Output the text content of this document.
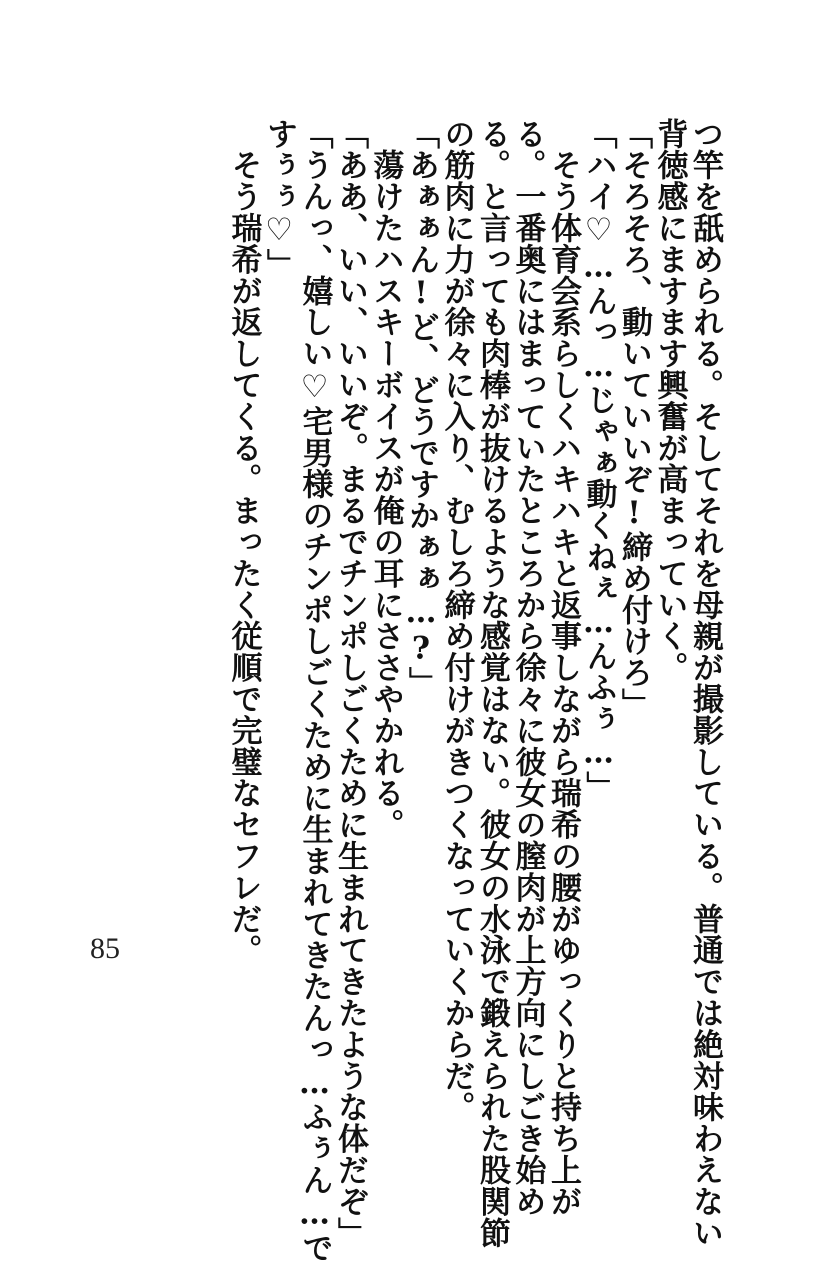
つ竿を舐められる。そしてそれを母親が撮影している。普通では絶対味わえない
背徳感にますます興奮が高まっていく。
「そろそろ、動いていいぞ!締め付けろ」
「ハイ♡…んっ…じゃぁ動くねぇ…んふぅ…」
　そう体育会系らしくハキハキと返事しながら瑞希の腰がゆっくりと持ち上が
る。一番奥にはまっていたところから徐々に彼女の膣肉が上方向にしごき始め
る。と言っても肉棒が抜けるような感覚はない。彼女の水泳で鍛えられた股関節
の筋肉に力が徐々に入り、むしろ締め付けがきつくなっていくからだ。
「あぁぁん!ど、どうですかぁぁ…?」
　蕩けたハスキーボイスが俺の耳にささやかれる。
「ああ、いい、いいぞ。まるでチンポしごくために生まれてきたような体だぞ」
「うんっ、嬉しい♡宅男様のチンポしごくために生まれてきたんっ…ふぅん…で
すぅぅ♡」
　そう瑞希が返してくる。まったく従順で完璧なセフレだ。
85
